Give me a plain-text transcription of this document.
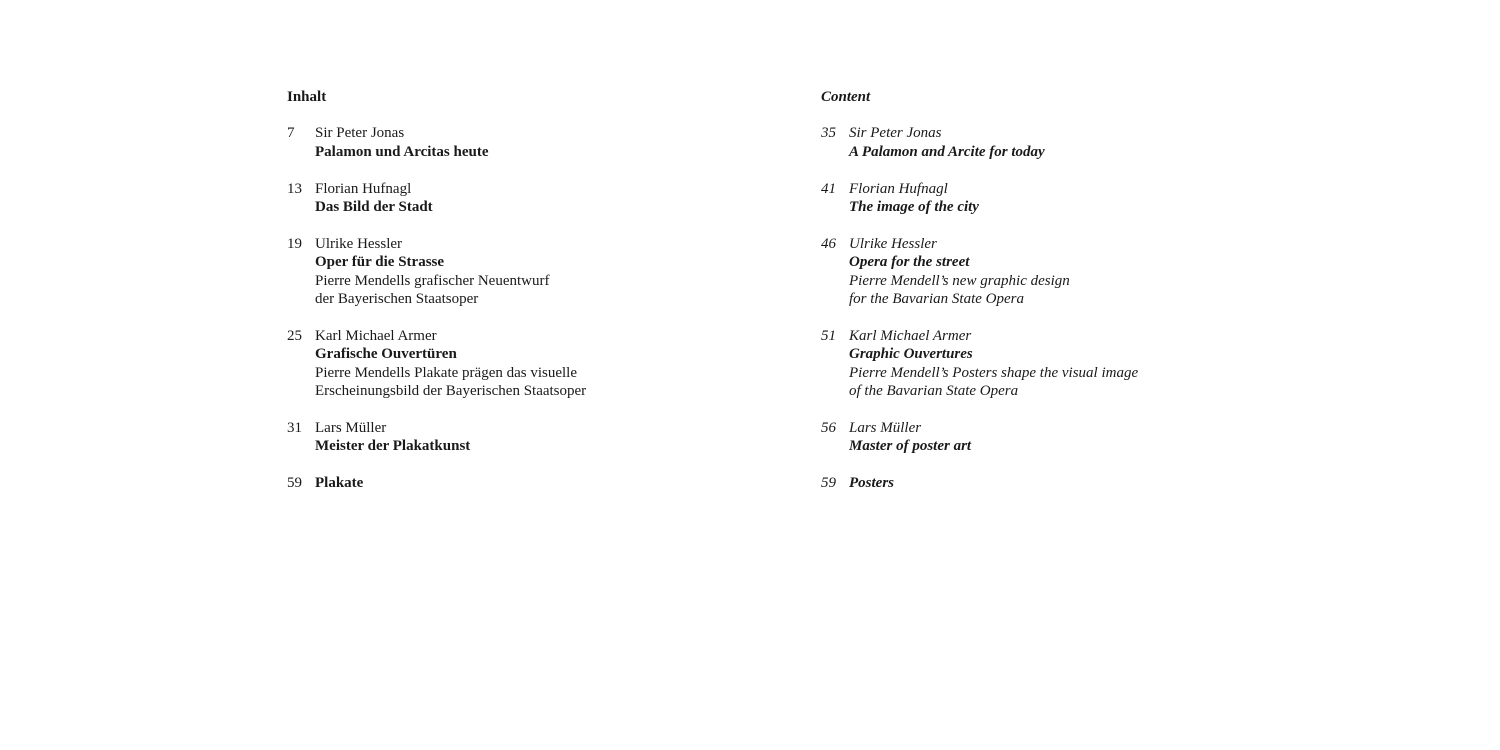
Inhalt
7	Sir Peter Jonas
Palamon und Arcitas heute
13 Florian Hufnagl
Das Bild der Stadt
19 Ulrike Hessler
Oper für die Strasse
Pierre Mendells grafischer Neuentwurf
der Bayerischen Staatsoper
25 Karl Michael Armer
Grafische Ouvertüren
Pierre Mendells Plakate prägen das visuelle
Erscheinungsbild der Bayerischen Staatsoper
31 Lars Müller
Meister der Plakatkunst
59 Plakate
Content
35 Sir Peter Jonas
A Palamon and Arcite for today
41 Florian Hufnagl
The image of the city
46 Ulrike Hessler
Opera for the street
Pierre Mendell’s new graphic design
for the Bavarian State Opera
51 Karl Michael Armer
Graphic Ouvertures
Pierre Mendell’s Posters shape the visual image
of the Bavarian State Opera
56 Lars Müller
Master of poster art
59 Posters
